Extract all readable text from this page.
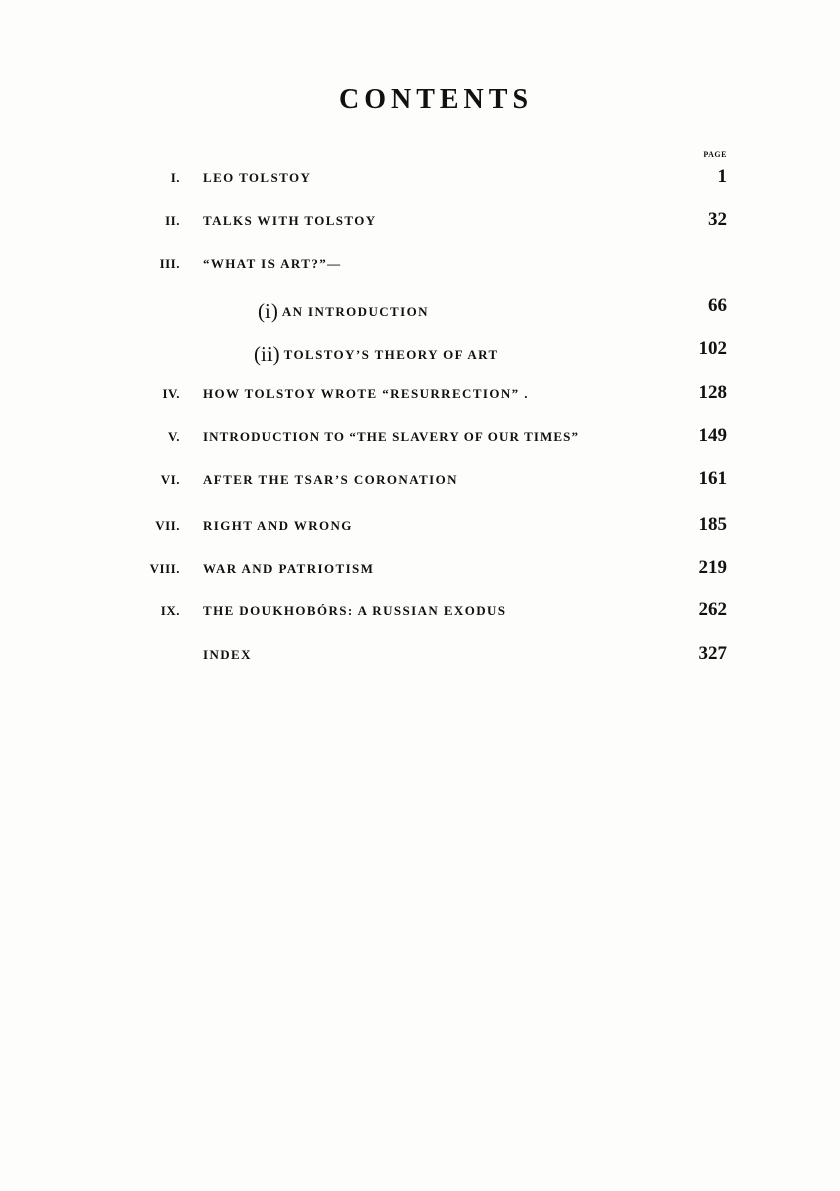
CONTENTS
PAGE
I. LEO TOLSTOY	1
II. TALKS WITH TOLSTOY	32
III. “WHAT IS ART?”—
(i) AN INTRODUCTION	66
(ii) TOLSTOY’S THEORY OF ART	102
IV. HOW TOLSTOY WROTE “RESURRECTION” .	128
V. INTRODUCTION TO “THE SLAVERY OF OUR TIMES”	149
VI. AFTER THE TSAR’S CORONATION	161
VII. RIGHT AND WRONG	185
VIII. WAR AND PATRIOTISM	219
IX. THE DOUKHOBÓRS: A RUSSIAN EXODUS	262
INDEX	327
